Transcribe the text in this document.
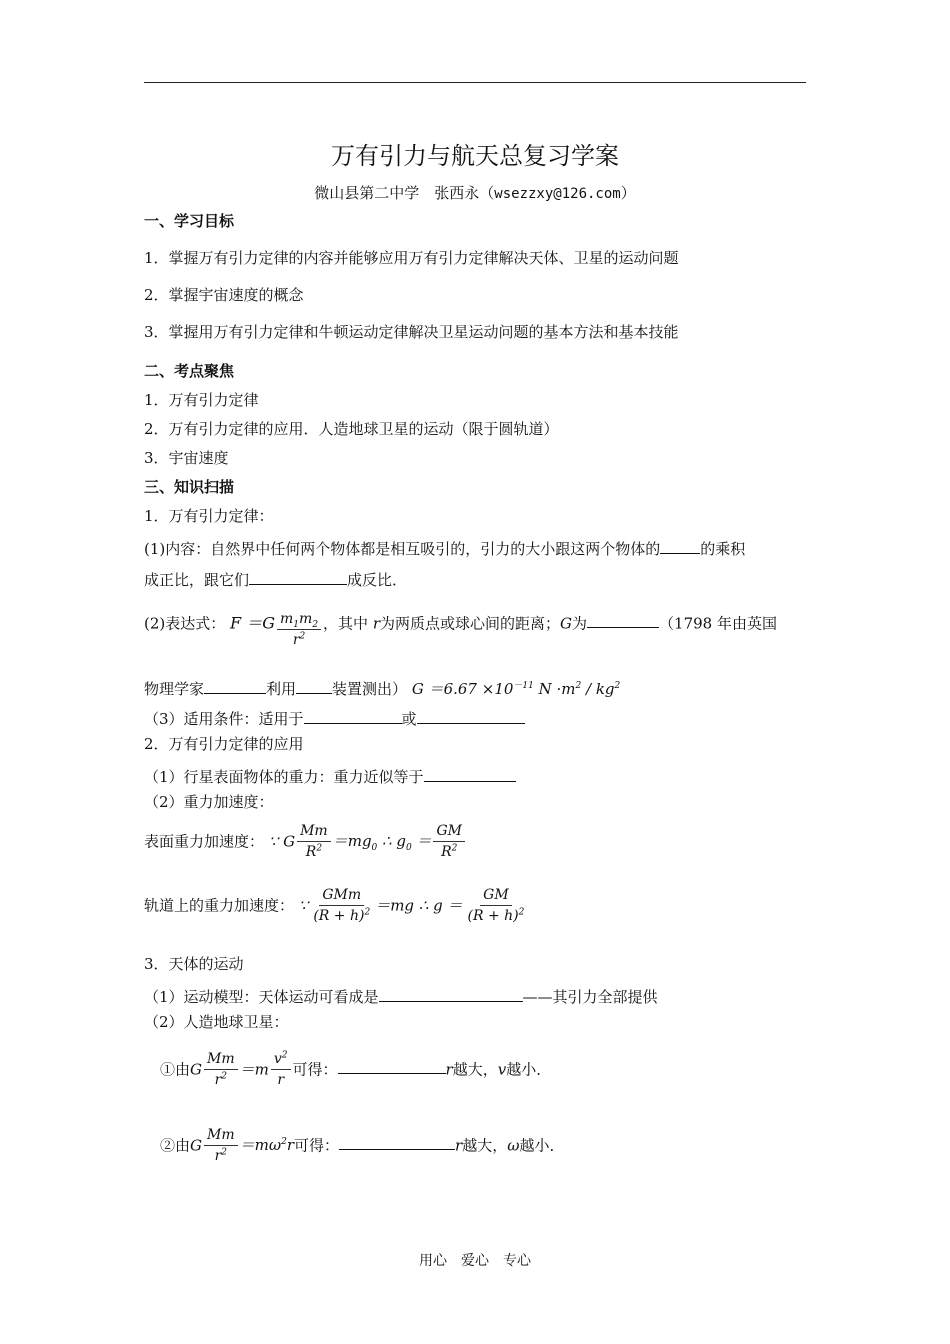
万有引力与航天总复习学案
微山县第二中学　张西永（wsezzxy@126.com）
一、学习目标
1．掌握万有引力定律的内容并能够应用万有引力定律解决天体、卫星的运动问题
2．掌握宇宙速度的概念
3．掌握用万有引力定律和牛顿运动定律解决卫星运动问题的基本方法和基本技能
二、考点聚焦
1．万有引力定律
2．万有引力定律的应用．人造地球卫星的运动（限于圆轨道）
3．宇宙速度
三、知识扫描
1．万有引力定律：
(1)内容：自然界中任何两个物体都是相互吸引的，引力的大小跟这两个物体的	的乘积
成正比，跟它们	成反比．
(2)表达式： $F =G \frac{m_1m_2}{r^2}$ ，其中 r为两质点或球心间的距离；G为	（1798 年由英国
物理学家	利用 装置测出） $G =6.67 \times 10^{-11}$ $N \cdot m^2 / kg^2$
（3）适用条件：适用于	或
2．万有引力定律的应用
（1）行星表面物体的重力：重力近似等于
（2）重力加速度：
表面重力加速度： ∵ G $\frac{Mm}{R^2} =mg_0$ ∴ $g_0 = \frac{GM}{R^2}$
轨道上的重力加速度： ∵ $\frac{\text{GMm}}{(R + h)^2} =mg$ ∴ $g = \frac{GM}{(R + h)^2}$
3．天体的运动
（1）运动模型：天体运动可看成是	——其引力全部提供
（2）人造地球卫星：
①由G $\frac{Mm}{r^2} =m \frac{v^2}{r}$ 可得：	r越大，v越小．
②由G $\frac{Mm}{r^2} =m\omega^2r$可得：	r越大，ω越小．
用心　爱心　专心
